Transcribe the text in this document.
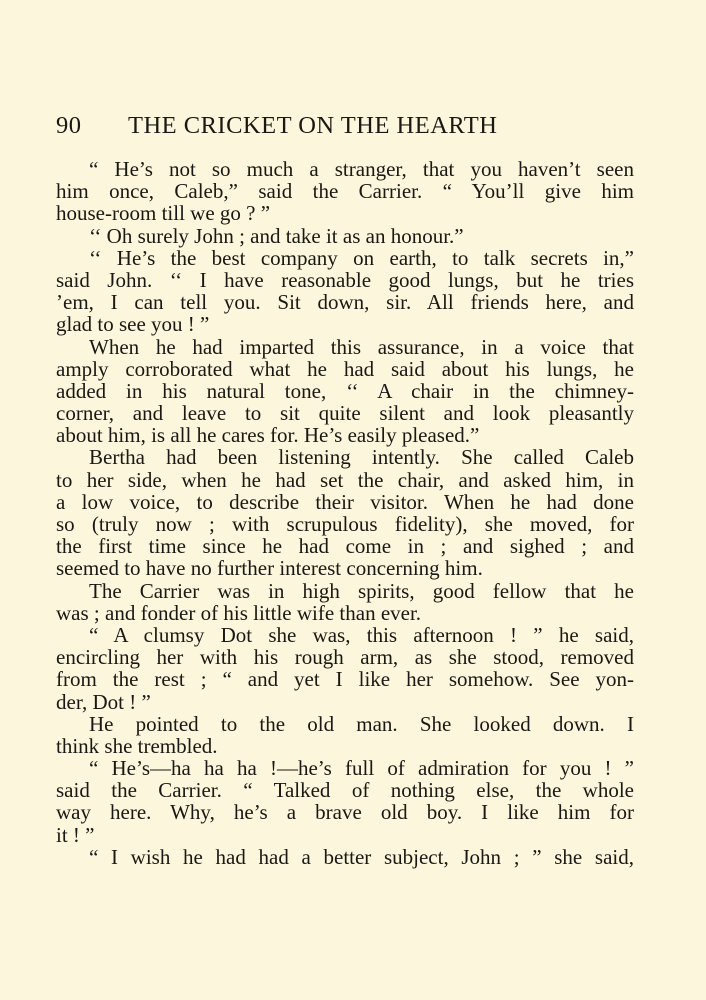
90 THE CRICKET ON THE HEARTH
“ He’s not so much a stranger, that you haven’t seen
him once, Caleb,” said the Carrier. “ You’ll give him
house-room till we go ? ”
‘‘ Oh surely John ; and take it as an honour.”
‘‘ He’s the best company on earth, to talk secrets in,”
said John. ‘‘ I have reasonable good lungs, but he tries
’em, I can tell you. Sit down, sir. All friends here, and
glad to see you ! ”
When he had imparted this assurance, in a voice that
amply corroborated what he had said about his lungs, he
added in his natural tone, ‘‘ A chair in the chimney-
corner, and leave to sit quite silent and look pleasantly
about him, is all he cares for. He’s easily pleased.”
Bertha had been listening intently. She called Caleb
to her side, when he had set the chair, and asked him, in
a low voice, to describe their visitor. When he had done
so (truly now ; with scrupulous fidelity), she moved, for
the first time since he had come in ; and sighed ; and
seemed to have no further interest concerning him.
The Carrier was in high spirits, good fellow that he
was ; and fonder of his little wife than ever.
“ A clumsy Dot she was, this afternoon ! ” he said,
encircling her with his rough arm, as she stood, removed
from the rest ; “ and yet I like her somehow. See yon-
der, Dot ! ”
He pointed to the old man. She looked down. I
think she trembled.
“ He’s—ha ha ha !—he’s full of admiration for you ! ”
said the Carrier. “ Talked of nothing else, the whole
way here. Why, he’s a brave old boy. I like him for
it ! ”
“ I wish he had had a better subject, John ; ” she said,
